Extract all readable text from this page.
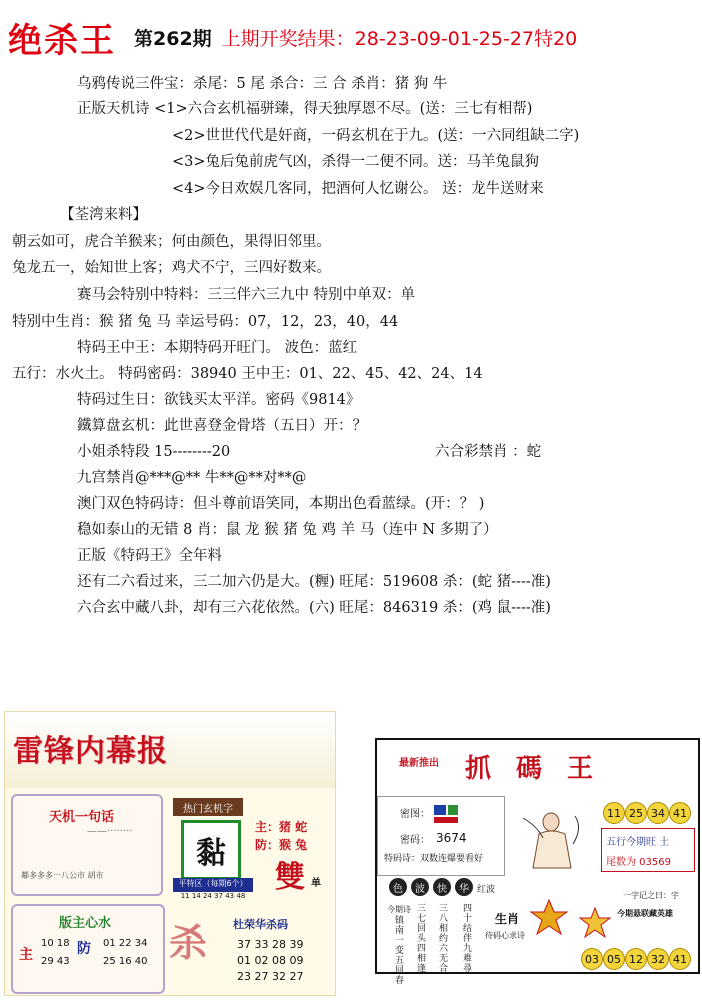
绝杀王 第262期 上期开奖结果：28-23-09-01-25-27特20
乌鸦传说三件宝：杀尾：5 尾 杀合：三 合 杀肖：猪 狗 牛
正版天机诗 <1>六合玄机福骈臻，得天独厚恩不尽。(送：三七有相帮)
<2>世世代代是奸商，一码玄机在于九。(送：一六同组缺二字)
<3>兔后兔前虎气凶，杀得一二便不同。送：马羊兔鼠狗
<4>今日欢娱几客同，把酒何人忆谢公。 送：龙牛送财来
【荃湾来料】
朝云如可，虎合羊猴来；何由颜色，果得旧邻里。
兔龙五一，始知世上客；鸡犬不宁，三四好数来。
赛马会特别中特料：三三伴六三九中 特别中单双：单
特别中生肖：猴 猪 兔 马 幸运号码：07，12，23，40，44
特码王中王：本期特码开旺门。 波色：蓝红
五行：水火土。 特码密码：38940 王中王：01、22、45、42、24、14
特码过生日：欲钱买太平洋。密码《9814》
鐵算盘玄机：此世喜登金骨塔（五日）开：？
小姐杀特段 15--------20	六合彩禁肖 ：蛇
九宫禁肖@***@** 牛**@**对**@
澳门双色特码诗：但斗尊前语笑同，本期出色看蓝绿。(开：？ )
稳如泰山的无错 8 肖：鼠 龙 猴 猪 兔 鸡 羊 马（连中 N 多期了）
正版《特码王》全年料
还有二六看过来，三二加六仍是大。(糎) 旺尾：519608 杀：(蛇 猪----准)
六合玄中藏八卦，却有三六花依然。(六) 旺尾：846319 杀：(鸡 鼠----准)
雷锋内幕报
天机一句话
——········
鄰多多多一八公市 胡市
热门玄机字
黏
主：猪 蛇
防：猴 兔
雙 单
平特区（每期6个）
11 14 24 37 43 48
版主心水
主
10 18
29 43
防 01 22 34
25 16 40 杀 杜荣华杀码
37 33 28 39
01 02 08 09
23 27 32 27
最新推出 抓 碼 王
密图：
密码： 3674
特码诗：双数连爆要看好
11 25 34 41
五行今期旺 土
尾数为 03569
色	波	快	华 红波
今期诗
镇南一变五回春
三七回头四相逢
三八相约六无合
四十结伴九难尋
生肖
待码心求诗
一字记之曰：宇
今期悬联藏英雄
03 05 12 32 41
